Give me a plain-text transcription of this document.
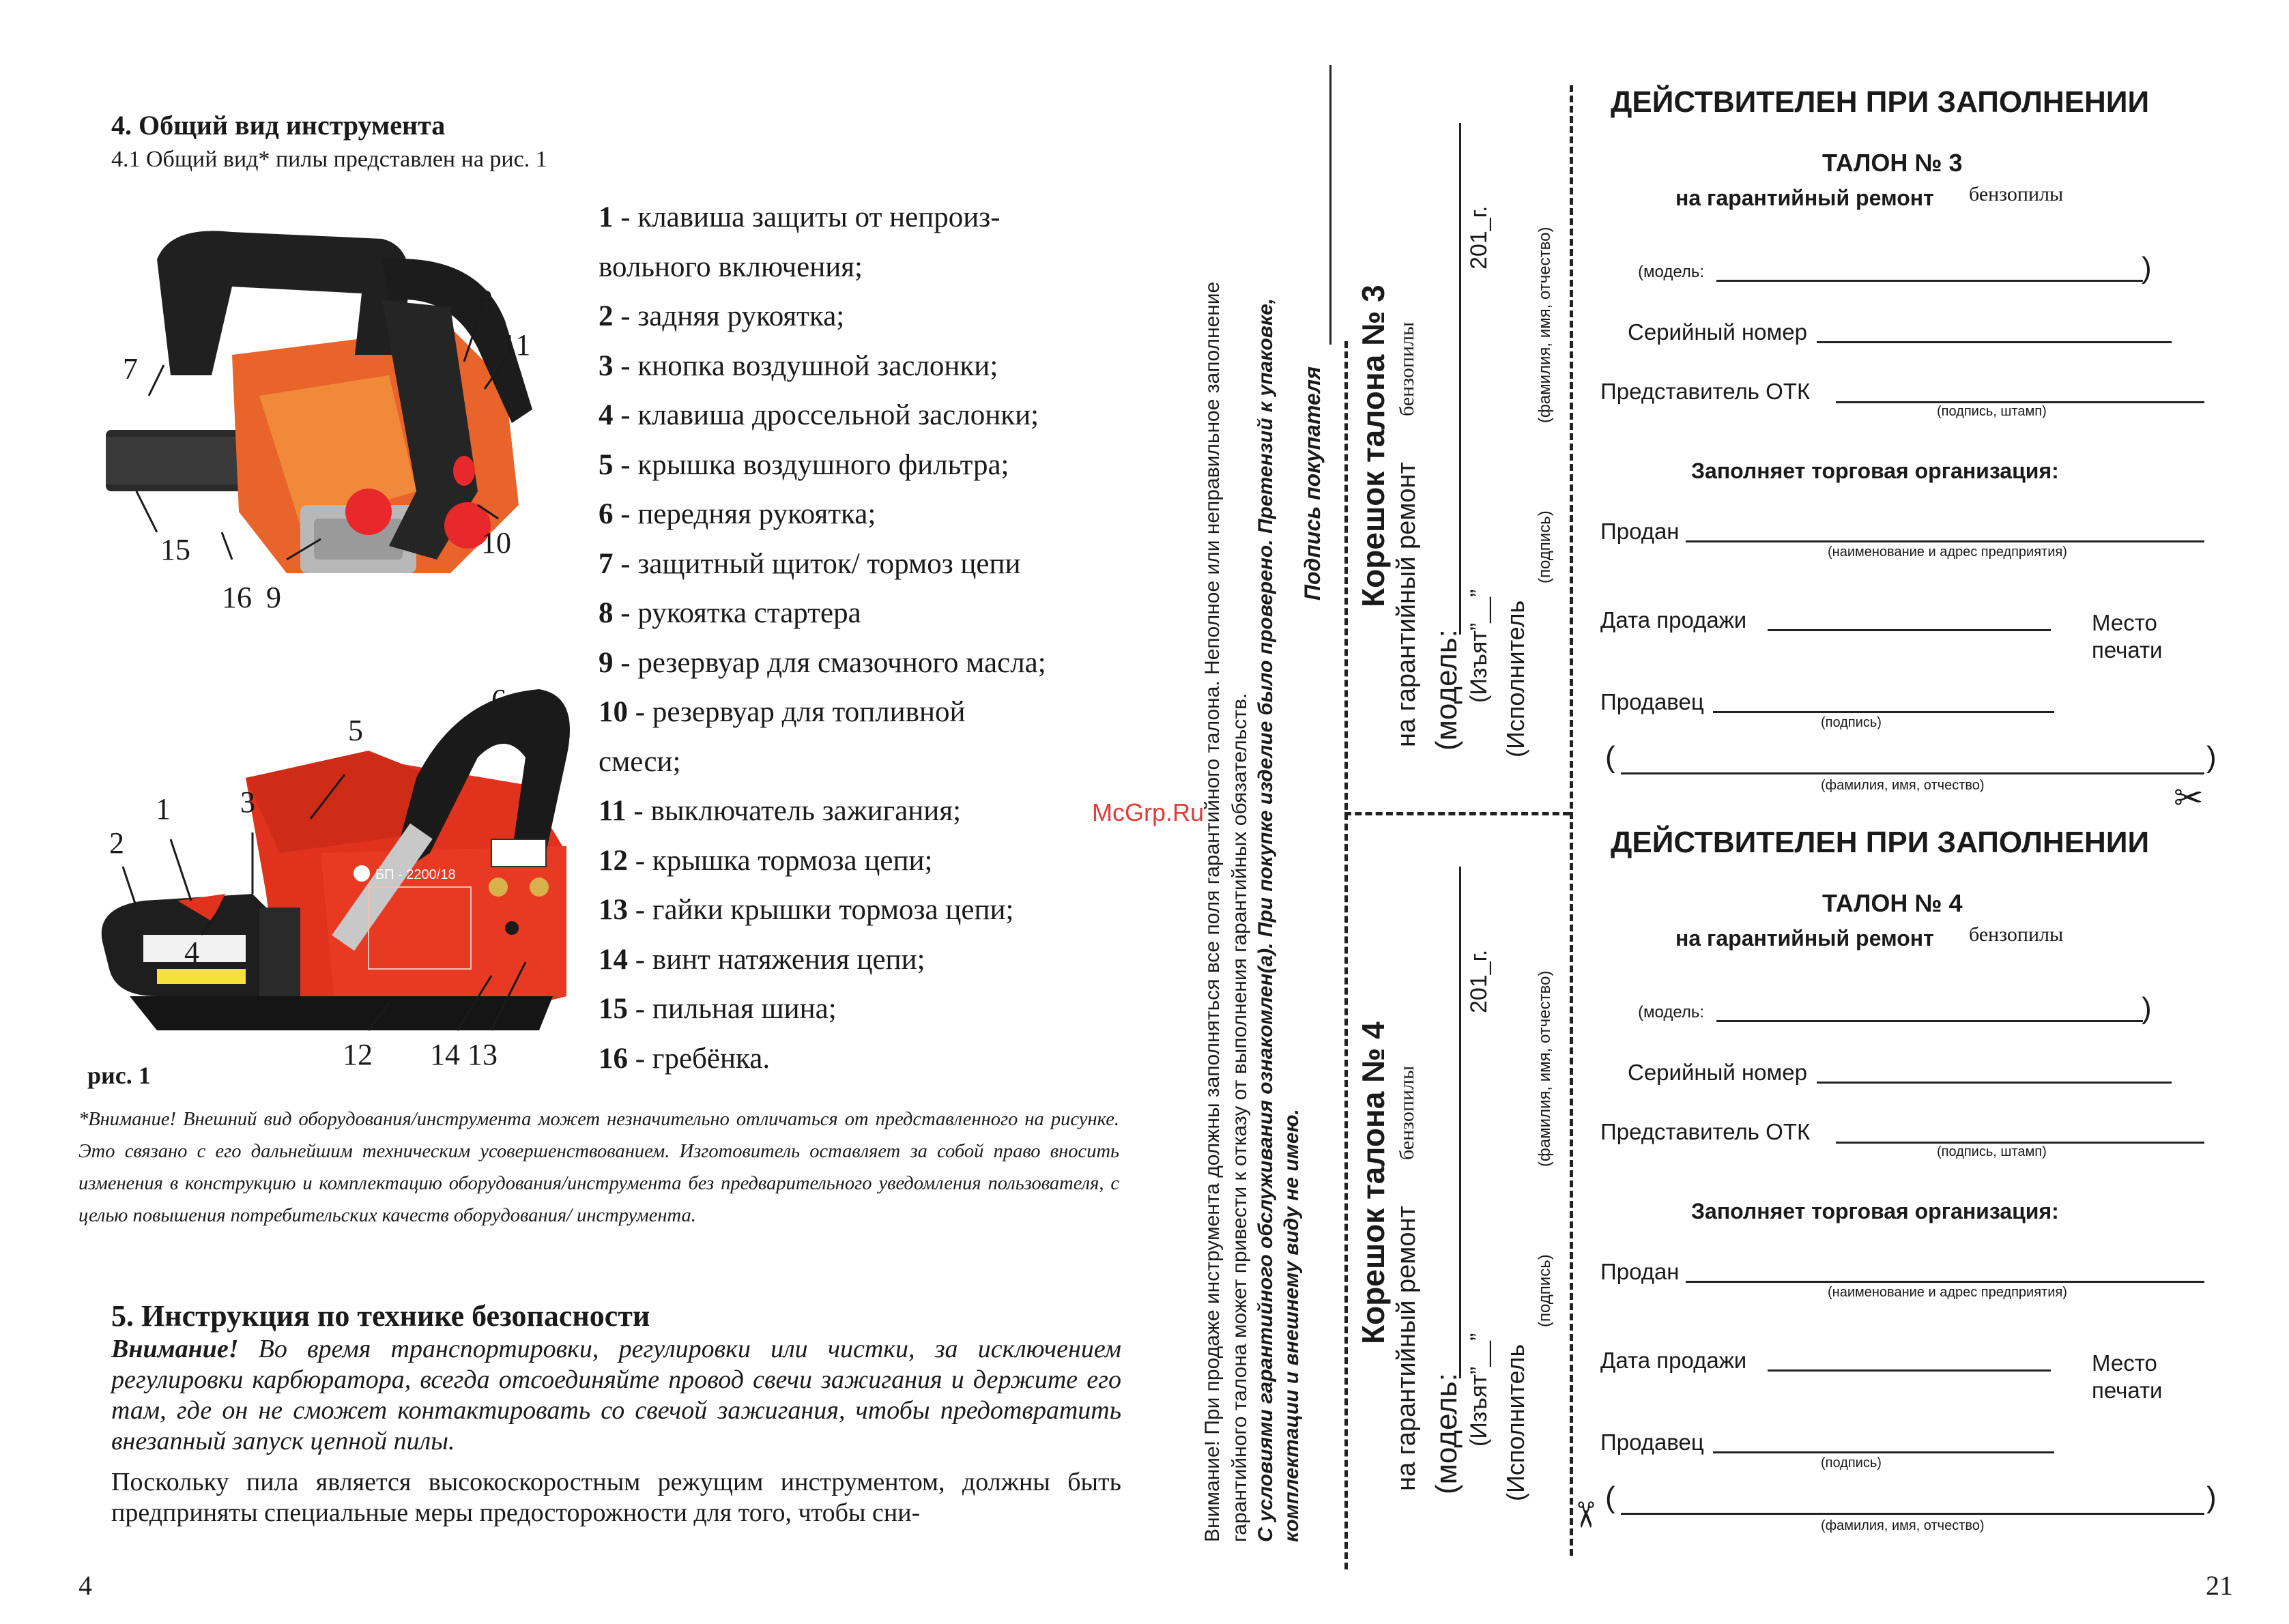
4. Общий вид инструмента
4.1 Общий вид* пилы представлен на рис. 1
7
8
11
10
15
16 9
1 - клавиша защиты от непроиз-
вольного включения;
2 - задняя рукоятка;
3 - кнопка воздушной заслонки;
4 - клавиша дроссельной заслонки;
5 - крышка воздушного фильтра;
6 - передняя рукоятка;
7 - защитный щиток/ тормоз цепи
8 - рукоятка стартера
9 - резервуар для смазочного масла;
10 - резервуар для топливной
смеси;
11 - выключатель зажигания;
12 - крышка тормоза цепи;
13 - гайки крышки тормоза цепи;
14 - винт натяжения цепи;
15 - пильная шина;
16 - гребёнка.
БП - 2200/18
5
6
1 3
2
4
12 14 13
рис. 1
*Внимание! Внешний вид оборудования/инструмента может незначительно отличаться от представленного на рисунке. Это связано с его дальнейшим техническим усовершенствованием. Изготовитель оставляет за собой право вносить изменения в конструкцию и комплектацию оборудования/инструмента без предварительного уведомления пользователя, с целью повышения потребительских качеств оборудования/ инструмента.
5. Инструкция по технике безопасности
Внимание! Во время транспортировки, регулировки или чистки, за исключением регулировки карбюратора, всегда отсоединяйте провод свечи зажигания и держите его там, где он не сможет контактировать со свечой зажигания, чтобы предотвратить внезапный запуск цепной пилы.
Поскольку пила является высокоскоростным режущим инструментом, должны быть предприняты специальные меры предосторожности для того, чтобы сни-
4
McGrp.Ru
Внимание! При продаже инструмента должны заполняться все поля гарантийного талона. Неполное или неправильное заполнение гарантийного талона может привести к отказу от выполнения гарантийных обязательств. С условиями гарантийного обслуживания ознакомлен(а). При покупке изделие было проверено. Претензий к упаковке, комплектации и внешнему виду не имею.
Подпись покупателя
✂
✂
Корешок талона № 3 на гарантийный ремонт
бензопилы
(модель: (Изъят”__”
201_г.
(Исполнитель
(подпись)
(фамилия, имя, отчество)
Корешок талона № 4
на гарантийный ремонт
бензопилы
(модель: (Изъят”__”
201_г.
(Исполнитель
(подпись)
(фамилия, имя, отчество)
ДЕЙСТВИТЕЛЕН ПРИ ЗАПОЛНЕНИИ
ТАЛОН № 3
на гарантийный ремонт бензопилы
(модель:	)
Серийный номер
Представитель ОТК
(подпись, штамп)
Заполняет торговая организация:
Продан
(наименование и адрес предприятия)
Дата продажи	Место
печати
Продавец
(подпись)
(	)
(фамилия, имя, отчество)
ДЕЙСТВИТЕЛЕН ПРИ ЗАПОЛНЕНИИ
ТАЛОН № 4
на гарантийный ремонт бензопилы
(модель:	)
Серийный номер
Представитель ОТК
(подпись, штамп)
Заполняет торговая организация:
Продан
(наименование и адрес предприятия)
Дата продажи	Место
печати
Продавец
(подпись)
(	)
(фамилия, имя, отчество)
21
